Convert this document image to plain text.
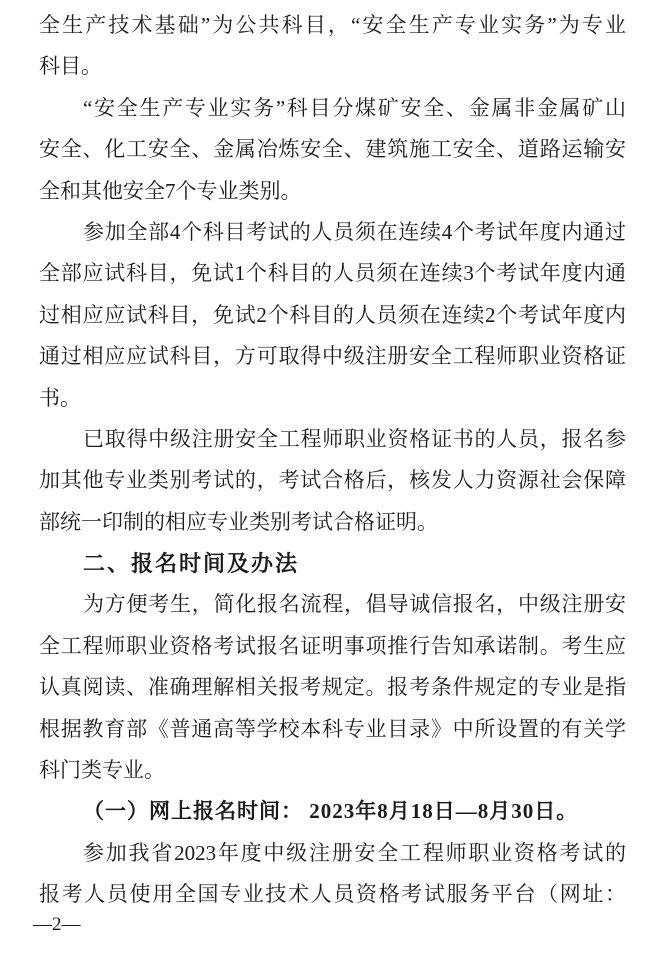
全生产技术基础”为公共科目，“安全生产专业实务”为专业
科目。
“安全生产专业实务”科目分煤矿安全、金属非金属矿山
安全、化工安全、金属冶炼安全、建筑施工安全、道路运输安
全和其他安全7个专业类别。
参加全部4个科目考试的人员须在连续4个考试年度内通过
全部应试科目，免试1个科目的人员须在连续3个考试年度内通
过相应应试科目，免试2个科目的人员须在连续2个考试年度内
通过相应应试科目，方可取得中级注册安全工程师职业资格证
书。
已取得中级注册安全工程师职业资格证书的人员，报名参
加其他专业类别考试的，考试合格后，核发人力资源社会保障
部统一印制的相应专业类别考试合格证明。
二、报名时间及办法
为方便考生，简化报名流程，倡导诚信报名，中级注册安
全工程师职业资格考试报名证明事项推行告知承诺制。考生应
认真阅读、准确理解相关报考规定。报考条件规定的专业是指
根据教育部《普通高等学校本科专业目录》中所设置的有关学
科门类专业。
（一）网上报名时间： 2023年8月18日—8月30日。
参加我省2023年度中级注册安全工程师职业资格考试的
报考人员使用全国专业技术人员资格考试服务平台（网址：
—2—
